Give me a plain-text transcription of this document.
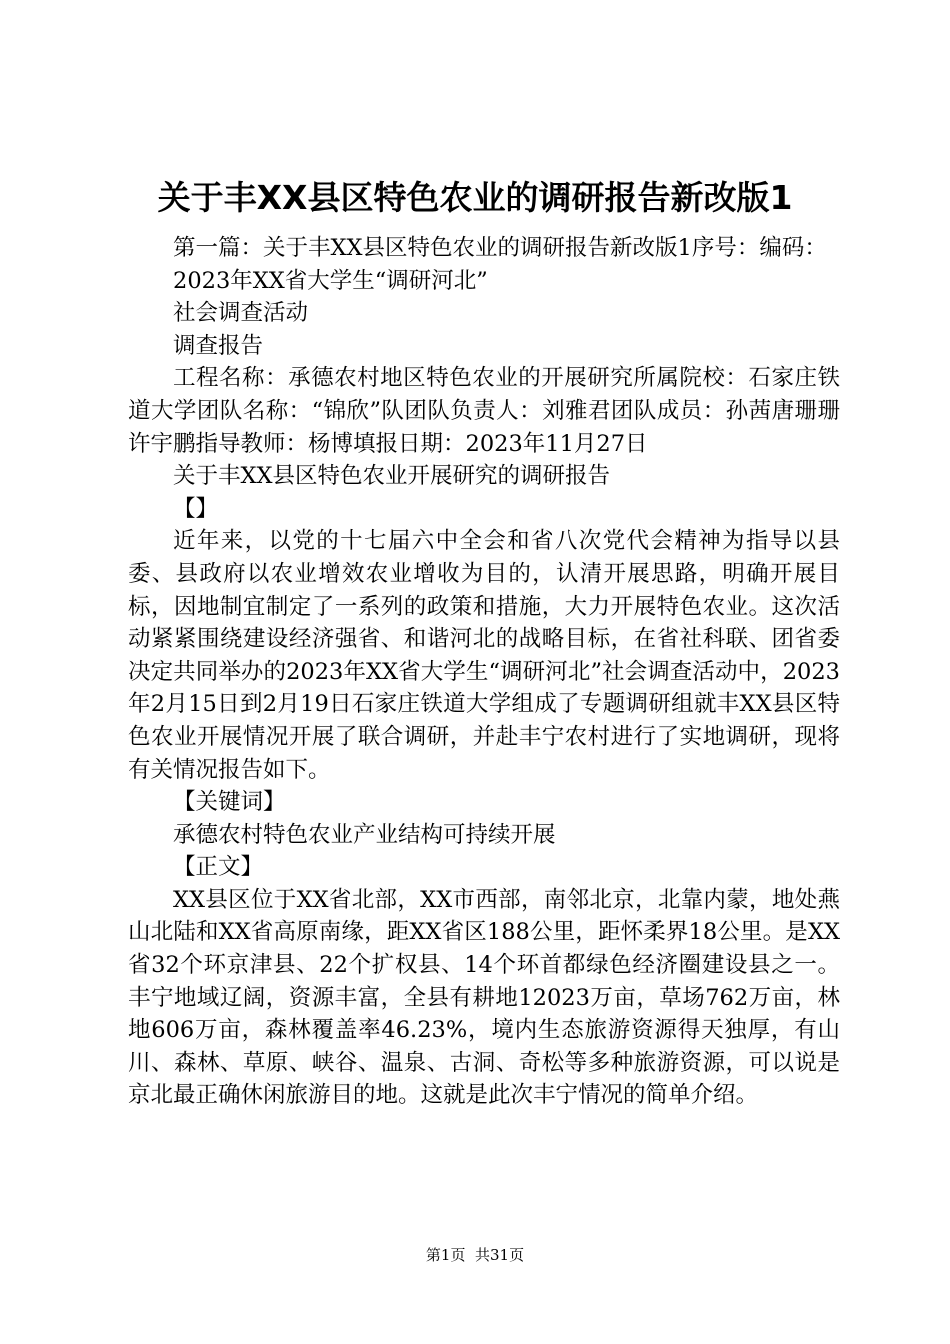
关于丰XX县区特色农业的调研报告新改版1

第一篇：关于丰XX县区特色农业的调研报告新改版1序号：编码：

2023年XX省大学生“调研河北”

社会调查活动

调查报告

工程名称：承德农村地区特色农业的开展研究所属院校：石家庄铁道大学团队名称：“锦欣”队团队负责人：刘雅君团队成员：孙茜唐珊珊许宇鹏指导教师：杨博填报日期：2023年11月27日

关于丰XX县区特色农业开展研究的调研报告

【】

近年来，以党的十七届六中全会和省八次党代会精神为指导以县委、县政府以农业增效农业增收为目的，认清开展思路，明确开展目标，因地制宜制定了一系列的政策和措施，大力开展特色农业。这次活动紧紧围绕建设经济强省、和谐河北的战略目标，在省社科联、团省委决定共同举办的2023年XX省大学生“调研河北”社会调查活动中，2023年2月15日到2月19日石家庄铁道大学组成了专题调研组就丰XX县区特色农业开展情况开展了联合调研，并赴丰宁农村进行了实地调研，现将有关情况报告如下。

【关键词】

承德农村特色农业产业结构可持续开展

【正文】

XX县区位于XX省北部，XX市西部，南邻北京，北靠内蒙，地处燕山北陆和XX省高原南缘，距XX省区188公里，距怀柔界18公里。是XX省32个环京津县、22个扩权县、14个环首都绿色经济圈建设县之一。丰宁地域辽阔，资源丰富，全县有耕地12023万亩，草场762万亩，林地606万亩，森林覆盖率46.23%，境内生态旅游资源得天独厚，有山川、森林、草原、峡谷、温泉、古洞、奇松等多种旅游资源，可以说是京北最正确休闲旅游目的地。这就是此次丰宁情况的简单介绍。

第1页  共31页
